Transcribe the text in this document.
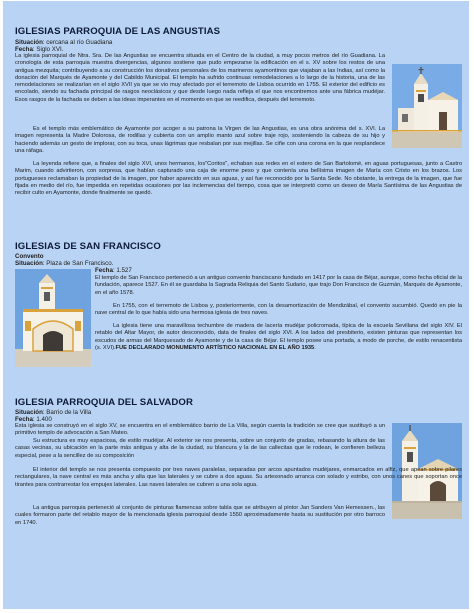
IGLESIAS PARROQUIA DE LAS ANGUSTIAS
Situación: cercana al río Guadiana
Fecha: Siglo XVI.

La iglesia parroquial de Ntra. Sra. De las Angustias se encuentra situada en el Centro de la ciudad, a muy pocos metros del río Guadiana. La cronología de esta parroquia muestra divergencias, algunos sostiene que pudo empezarse la edificación en el s. XV sobre los restos de una antigua mezquita; contribuyendo a su construcción los donativos personales de los marineros ayamontinos que viajaban a las Indias, así como la donación del Marqués de Ayamonte y del Cabildo Municipal. El templo ha sufrido continuas remodelaciones a lo largo de la historia, una de las remodelaciones se realizarían en el siglo XVII ya que se vio muy afectado por el terremoto de Lisboa ocurrido en 1755. El exterior del edificio es encolado, siendo su fachada principal de rasgos neoclásicos y que desde luego nada refleja el que nos encontremos ante una fábrica mudéjar. Esos rasgos de la fachada se deben a las ideas imperantes en el momento en que se reedifica, después del terremoto.

Es el templo más emblemático de Ayamonte por acoger a su patrona la Virgen de las Angustias, es una obra anónima del s. XVI. La imagen representa la Madre Dolorosa, de rodillas y cubierta con un amplio manto azul sobre traje rojo, sosteniendo la cabeza de su hijo y haciendo además un gesto de implorar, con su toca, unas lágrimas que resbalan por sus mejillas. Se ciñe con una corona en la que resplandece una ráfaga.

La leyenda refiere que, a finales del siglo XVI, unos hermanos, los"Coritos", echaban sus redes en el estero de San Bartolomé, en aguas portuguesas, junto a Castro Marim, cuando advirtieron, con sorpresa, que habían capturado una caja de enorme peso y que contenía una bellísima imagen de María con Cristo en los brazos. Los portugueses reclamaban la propiedad de la imagen, por haber aparecido en sus aguas, y así fue reconocido por la Santa Sede. No obstante, la entrega de la imagen, que fue fijada en medio del río, fue impedida en repetidas ocasiones por las inclemencias del tiempo, cosa que se interpretó como un deseo de María Santísima de las Angustias de recibir culto en Ayamonte, donde finalmente se quedó.

IGLESIAS DE SAN FRANCISCO
Convento
Situación: Plaza de San Francisco.
Fecha: 1.527

El templo de San Francisco perteneció a un antiguo convento franciscano fundado en 1417 por la casa de Béjar, aunque, como fecha oficial de la fundación, aparece 1527. En él se guardaba la Sagrada Reliquia del Santo Sudario, que trajo Don Francisco de Guzmán, Marqués de Ayamonte, en el año 1578.

En 1755, con el terremoto de Lisboa y, posteriormente, con la desamortización de Mendizábal, el convento sucumbió. Quedó en pie la nave central de lo que había sido una hermosa iglesia de tres naves.

La iglesia tiene una maravillosa techumbre de madera de lacería mudéjar policromada, típica de la escuela Sevillana del siglo XIV. El retablo del Altar Mayor, de autor desconocido, data de finales del siglo XVI. A los lados del presbiterio, existen pinturas que representan los escudos de armas del Marquesado de Ayamonte y de la casa de Béjar. El templo posee una portada, a modo de porche, de estilo renacentista (s. XVI).FUE DECLARADO MONUMENTO ARTÍSTICO NACIONAL EN EL AÑO 1935.

IGLESIA PARROQUIA DEL SALVADOR
Situación: Barrio de la Villa
Fecha: 1.400

Esta iglesia se construyó en el siglo XV, se encuentra en el emblemático barrio de La Villa, según cuenta la tradición se cree que sustituyó a un primitivo templo de advocación a San Mateo.

Su estructura es muy espaciosa, de estilo mudéjar. Al exterior se nos presenta, sobre un conjunto de gradas, rebasando la altura de las casas vecinas, su ubicación en la parte más antigua y alta de la ciudad, su blancura y la de las callecitas que le rodean, le confieren belleza especial, pese a la sencillez de su composición

El interior del templo se nos presenta compuesto por tres naves paralelas, separadas por arcos apuntados mudéjares, enmarcados en alfiz, que apean sobre pilares rectangulares, la nave central es más ancha y alta que las laterales y se cubre a dos aguas. Su artesonado arranca con solado y estribo, con unos canes que soportan once tirantes para contrarrestar los empujes laterales. Las naves laterales se cubren a una sola agua.

La antigua parroquia perteneció al conjunto de pinturas flamencas sobre tabla que se atribuyen al pintor Jan Sanders Van Hemessen., las cuales formaron parte del retablo mayor de la mencionada iglesia parroquial desde 1550 aproximadamente hasta su sustitución por otro barroco en 1740.
